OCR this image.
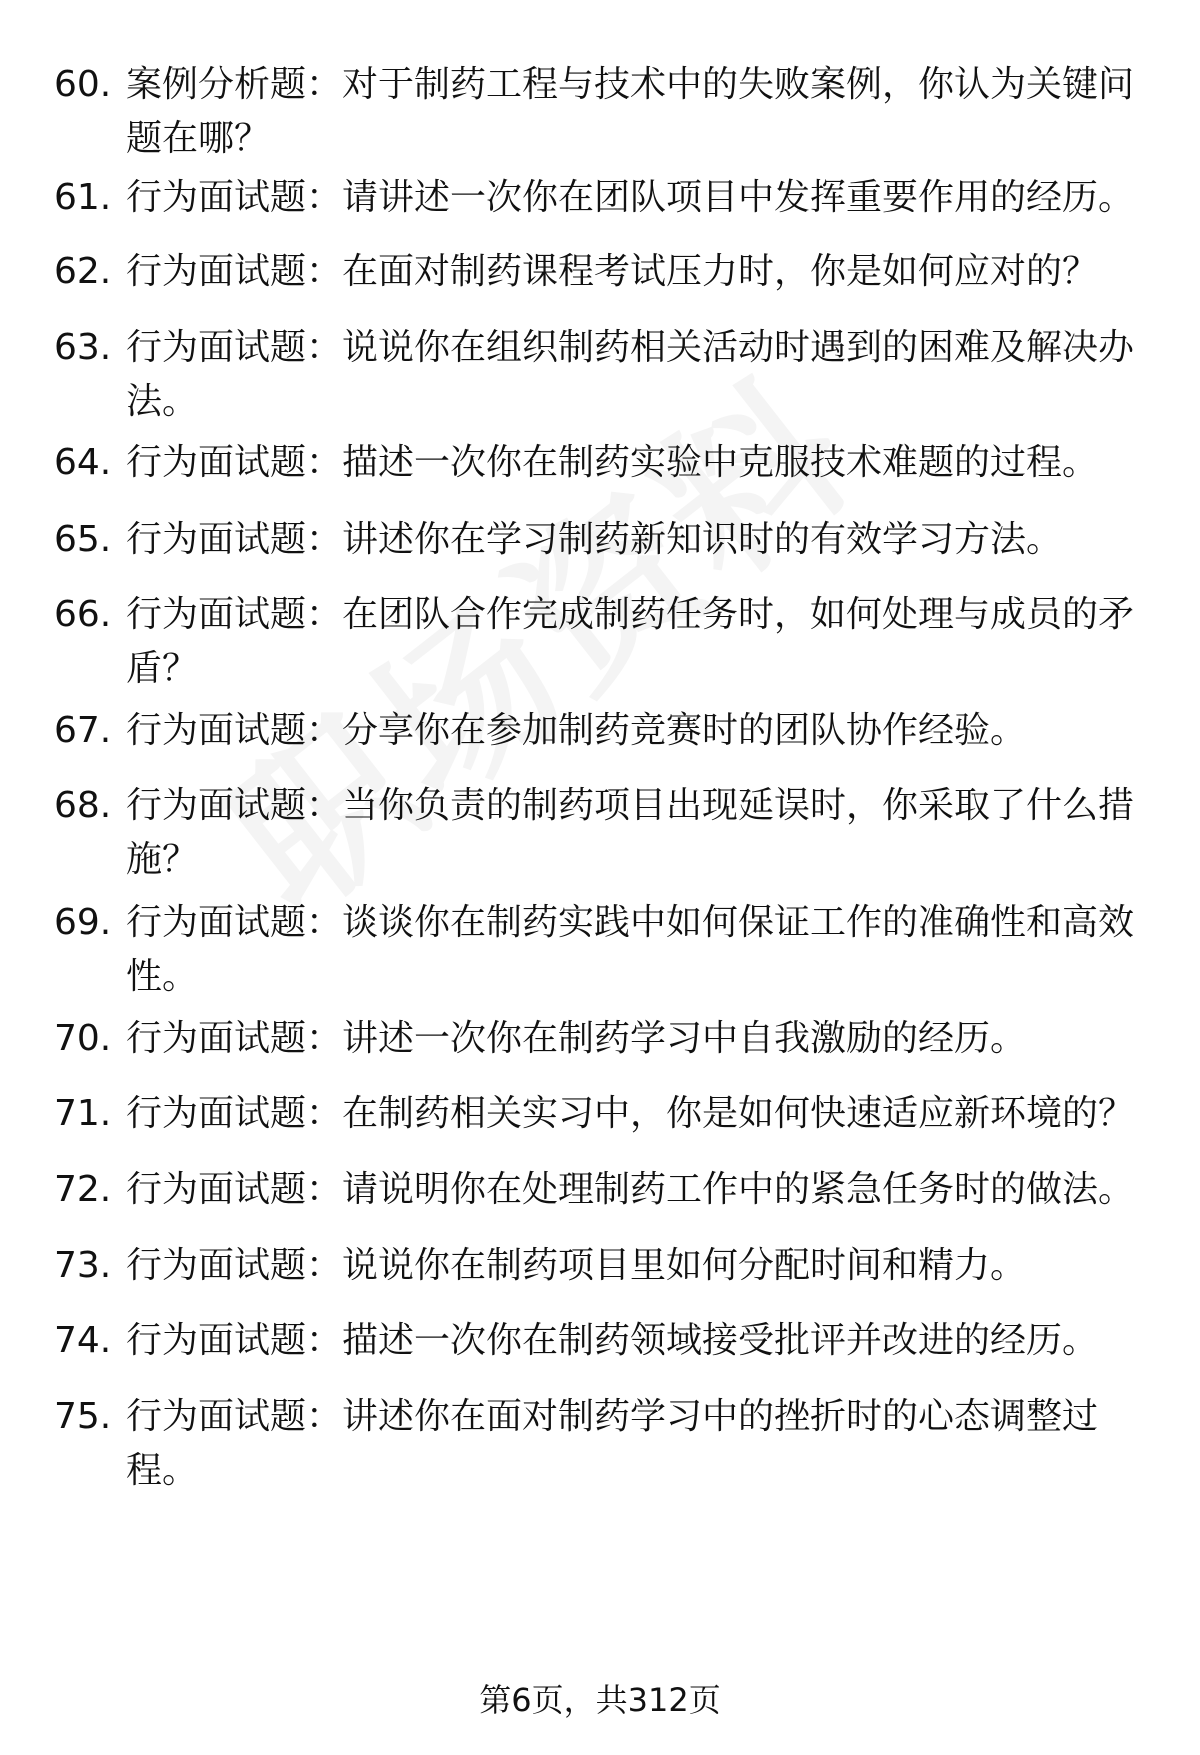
60. 案例分析题：对于制药工程与技术中的失败案例，你认为关键问题在哪？
61. 行为面试题：请讲述一次你在团队项目中发挥重要作用的经历。
62. 行为面试题：在面对制药课程考试压力时，你是如何应对的？
63. 行为面试题：说说你在组织制药相关活动时遇到的困难及解决办法。
64. 行为面试题：描述一次你在制药实验中克服技术难题的过程。
65. 行为面试题：讲述你在学习制药新知识时的有效学习方法。
66. 行为面试题：在团队合作完成制药任务时，如何处理与成员的矛盾？
67. 行为面试题：分享你在参加制药竞赛时的团队协作经验。
68. 行为面试题：当你负责的制药项目出现延误时，你采取了什么措施？
69. 行为面试题：谈谈你在制药实践中如何保证工作的准确性和高效性。
70. 行为面试题：讲述一次你在制药学习中自我激励的经历。
71. 行为面试题：在制药相关实习中，你是如何快速适应新环境的？
72. 行为面试题：请说明你在处理制药工作中的紧急任务时的做法。
73. 行为面试题：说说你在制药项目里如何分配时间和精力。
74. 行为面试题：描述一次你在制药领域接受批评并改进的经历。
75. 行为面试题：讲述你在面对制药学习中的挫折时的心态调整过程。
第6页，共312页
